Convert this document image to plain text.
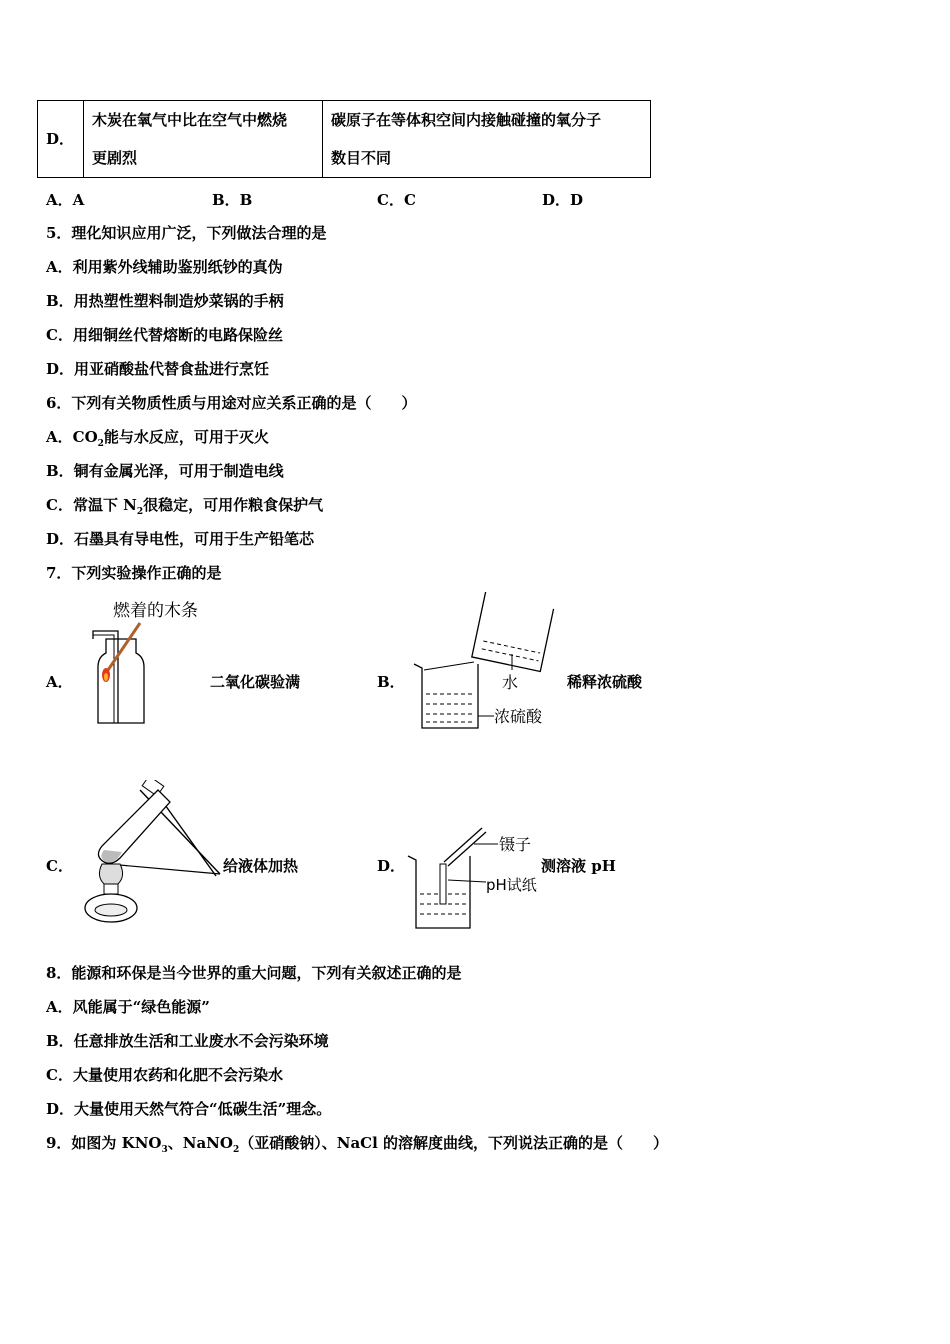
D．	
木炭在氧气中比在空气中燃烧
更剧烈

碳原子在等体积空间内接触碰撞的氧分子
数目不同
A．A	B．B	C．C	D．D
5．理化知识应用广泛，下列做法合理的是
A．利用紫外线辅助鉴别纸钞的真伪
B．用热塑性塑料制造炒菜锅的手柄
C．用细铜丝代替熔断的电路保险丝
D．用亚硝酸盐代替食盐进行烹饪
6．下列有关物质性质与用途对应关系正确的是（　　）
A．$CO_2$能与水反应，可用于灭火
B．铜有金属光泽，可用于制造电线
C．常温下 $N_2$很稳定，可用作粮食保护气
D．石墨具有导电性，可用于生产铅笔芯
7．下列实验操作正确的是
A．
燃着的木条
二氧化碳验满	B．	水
浓硫酸
稀释浓硫酸
C．	给液体加热	D．
镊子
pH试纸
测溶液 pH
8．能源和环保是当今世界的重大问题，下列有关叙述正确的是
A．风能属于“绿色能源”
B．任意排放生活和工业废水不会污染环境
C．大量使用农药和化肥不会污染水
D．大量使用天然气符合“低碳生活”理念。
9．如图为 $KNO_3$、NaNO$_2$（亚硝酸钠）、NaCl 的溶解度曲线，下列说法正确的是（　　）
